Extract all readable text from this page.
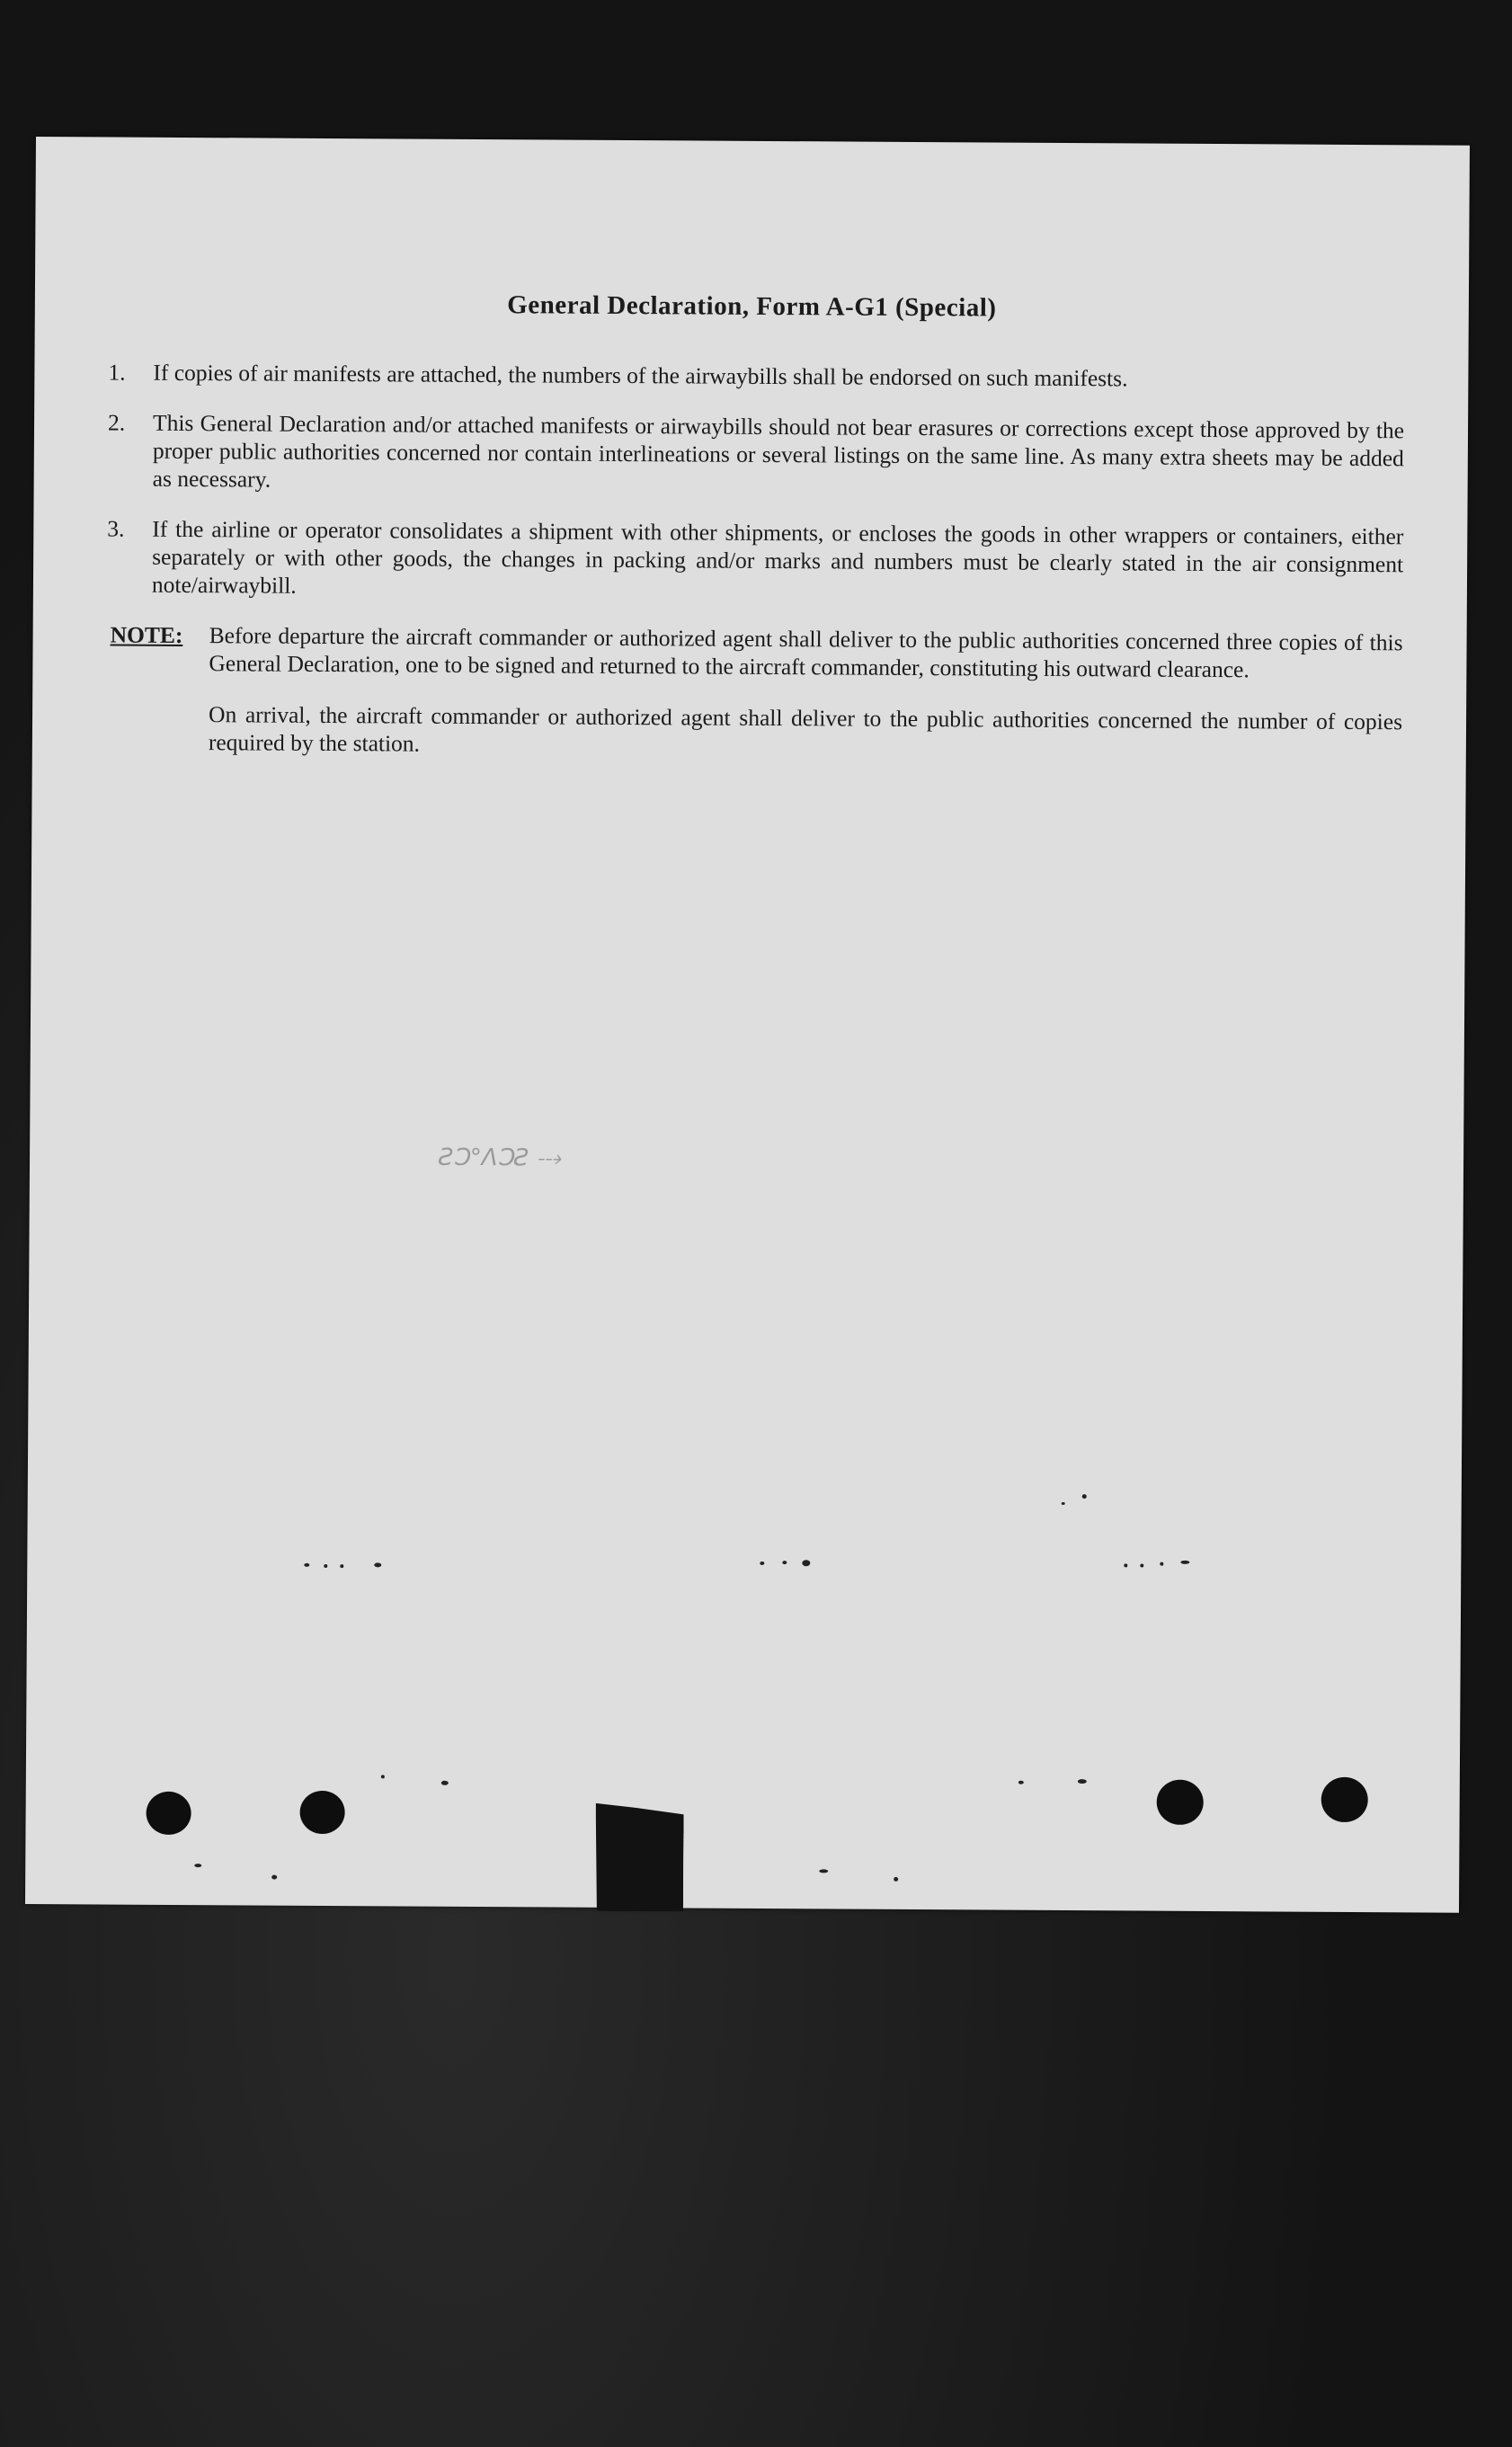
General Declaration, Form A-G1 (Special)
1.	If copies of air manifests are attached, the numbers of the airwaybills shall be endorsed on such manifests.
2.	This General Declaration and/or attached manifests or airwaybills should not bear erasures or corrections except those approved by the proper public authorities concerned nor contain interlineations or several listings on the same line. As many extra sheets may be added as necessary.
3.	If the airline or operator consolidates a shipment with other shipments, or encloses the goods in other wrappers or containers, either separately or with other goods, the changes in packing and/or marks and numbers must be clearly stated in the air consignment note/airwaybill.
NOTE: Before departure the aircraft commander or authorized agent shall deliver to the public authorities concerned three copies of this General Declaration, one to be signed and returned to the aircraft commander, constituting his outward clearance.

On arrival, the aircraft commander or authorized agent shall deliver to the public authorities concerned the number of copies required by the station.

ƧƆ°ɅƆƧ ⤏
